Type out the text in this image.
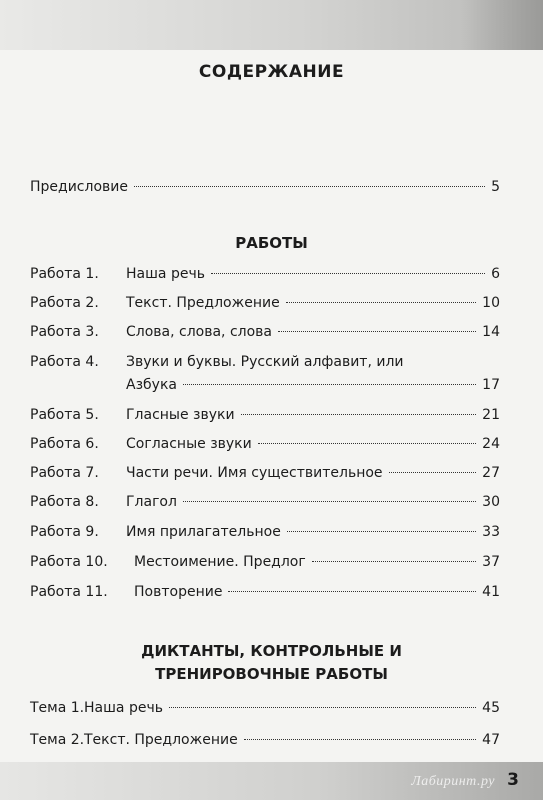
СОДЕРЖАНИЕ
Предисловие	5
РАБОТЫ
Работа 1. Наша речь	6
Работа 2. Текст. Предложение	10
Работа 3. Слова, слова, слова	14
Работа 4. Звуки и буквы. Русский алфавит, или
Азбука	17
Работа 5. Гласные звуки	21
Работа 6. Согласные звуки	24
Работа 7. Части речи. Имя существительное	27
Работа 8. Глагол	30
Работа 9. Имя прилагательное	33
Работа 10. Местоимение. Предлог	37
Работа 11. Повторение	41
ДИКТАНТЫ, КОНТРОЛЬНЫЕ И
ТРЕНИРОВОЧНЫЕ РАБОТЫ
Тема 1.Наша речь	45
Тема 2.Текст. Предложение	47
Лабиринт.ру 3
